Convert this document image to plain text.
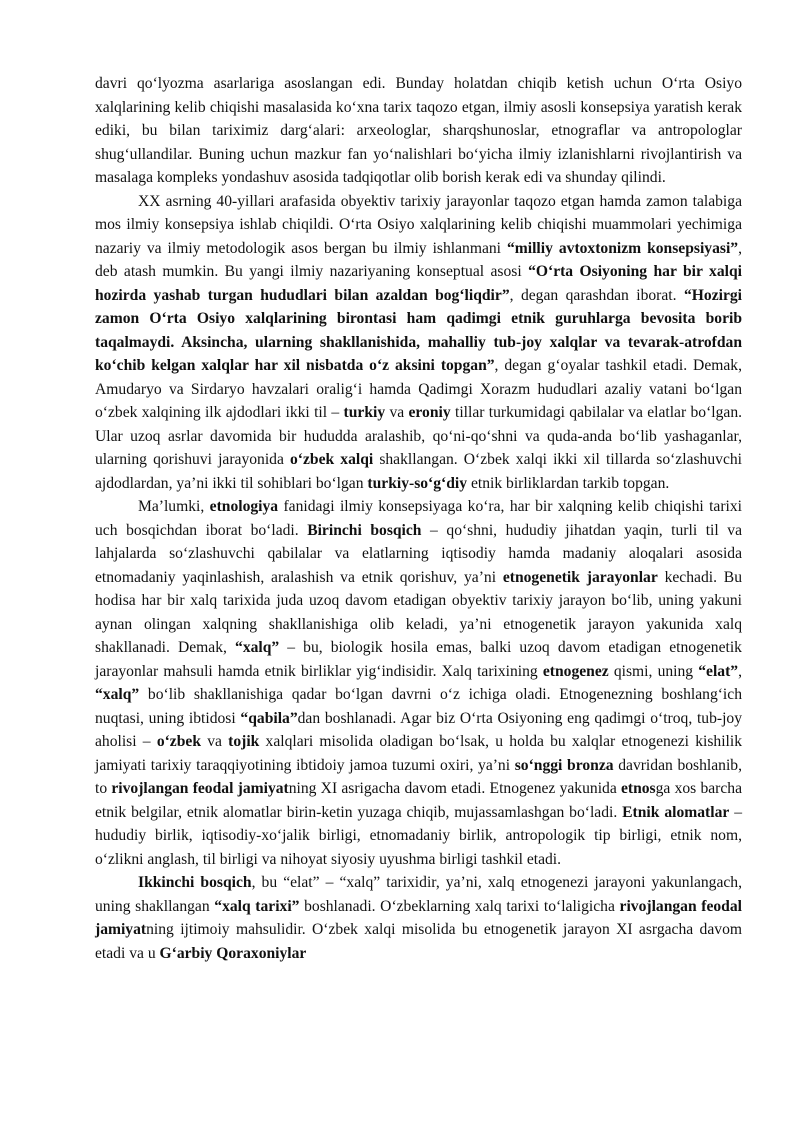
davri qo‘lyozma asarlariga asoslangan edi. Bunday holatdan chiqib ketish uchun O‘rta Osiyo xalqlarining kelib chiqishi masalasida ko‘xna tarix taqozo etgan, ilmiy asosli konsepsiya yaratish kerak ediki, bu bilan tariximiz darg‘alari: arxeologlar, sharqshunoslar, etnograflar va antropologlar shug‘ullandilar. Buning uchun mazkur fan yo‘nalishlari bo‘yicha ilmiy izlanishlarni rivojlantirish va masalaga kompleks yondashuv asosida tadqiqotlar olib borish kerak edi va shunday qilindi.

XX asrning 40-yillari arafasida obyektiv tarixiy jarayonlar taqozo etgan hamda zamon talabiga mos ilmiy konsepsiya ishlab chiqildi. O‘rta Osiyo xalqlarining kelib chiqishi muammolari yechimiga nazariy va ilmiy metodologik asos bergan bu ilmiy ishlanmani “milliy avtoxtonizm konsepsiyasi”, deb atash mumkin. Bu yangi ilmiy nazariyaning konseptual asosi “O‘rta Osiyoning har bir xalqi hozirda yashab turgan hududlari bilan azaldan bog‘liqdir”, degan qarashdan iborat. “Hozirgi zamon O‘rta Osiyo xalqlarining birontasi ham qadimgi etnik guruhlarga bevosita borib taqalmaydi. Aksincha, ularning shakllanishida, mahalliy tub-joy xalqlar va tevarak-atrofdan ko‘chib kelgan xalqlar har xil nisbatda o‘z aksini topgan”, degan g‘oyalar tashkil etadi. Demak, Amudaryo va Sirdaryo havzalari oralig‘i hamda Qadimgi Xorazm hududlari azaliy vatani bo‘lgan o‘zbek xalqining ilk ajdodlari ikki til – turkiy va eroniy tillar turkumidagi qabilalar va elatlar bo‘lgan. Ular uzoq asrlar davomida bir hududda aralashib, qo‘ni-qo‘shni va quda-anda bo‘lib yashaganlar, ularning qorishuvi jarayonida o‘zbek xalqi shakllangan. O‘zbek xalqi ikki xil tillarda so‘zlashuvchi ajdodlardan, ya’ni ikki til sohiblari bo‘lgan turkiy-so‘g‘diy etnik birliklardan tarkib topgan.

Ma’lumki, etnologiya fanidagi ilmiy konsepsiyaga ko‘ra, har bir xalqning kelib chiqishi tarixi uch bosqichdan iborat bo‘ladi. Birinchi bosqich – qo‘shni, hududiy jihatdan yaqin, turli til va lahjalarda so‘zlashuvchi qabilalar va elatlarning iqtisodiy hamda madaniy aloqalari asosida etnomadaniy yaqinlashish, aralashish va etnik qorishuv, ya’ni etnogenetik jarayonlar kechadi. Bu hodisa har bir xalq tarixida juda uzoq davom etadigan obyektiv tarixiy jarayon bo‘lib, uning yakuni aynan olingan xalqning shakllanishiga olib keladi, ya’ni etnogenetik jarayon yakunida xalq shakllanadi. Demak, “xalq” – bu, biologik hosila emas, balki uzoq davom etadigan etnogenetik jarayonlar mahsuli hamda etnik birliklar yig‘indisidir. Xalq tarixining etnogenez qismi, uning “elat”, “xalq” bo‘lib shakllanishiga qadar bo‘lgan davrni o‘z ichiga oladi. Etnogenezning boshlang‘ich nuqtasi, uning ibtidosi “qabila”dan boshlanadi. Agar biz O‘rta Osiyoning eng qadimgi o‘troq, tub-joy aholisi – o‘zbek va tojik xalqlari misolida oladigan bo‘lsak, u holda bu xalqlar etnogenezi kishilik jamiyati tarixiy taraqqiyotining ibtidoiy jamoa tuzumi oxiri, ya’ni so‘nggi bronza davridan boshlanib, to rivojlangan feodal jamiyatning XI asrigacha davom etadi. Etnogenez yakunida etnosga xos barcha etnik belgilar, etnik alomatlar birin-ketin yuzaga chiqib, mujassamlashgan bo‘ladi. Etnik alomatlar – hududiy birlik, iqtisodiy-xo‘jalik birligi, etnomadaniy birlik, antropologik tip birligi, etnik nom, o‘zlikni anglash, til birligi va nihoyat siyosiy uyushma birligi tashkil etadi.

Ikkinchi bosqich, bu “elat” – “xalq” tarixidir, ya’ni, xalq etnogenezi jarayoni yakunlangach, uning shakllangan “xalq tarixi” boshlanadi. O‘zbeklarning xalq tarixi to‘laligicha rivojlangan feodal jamiyatning ijtimoiy mahsulidir. O‘zbek xalqi misolida bu etnogenetik jarayon XI asrgacha davom etadi va u G‘arbiy Qoraxoniylar
